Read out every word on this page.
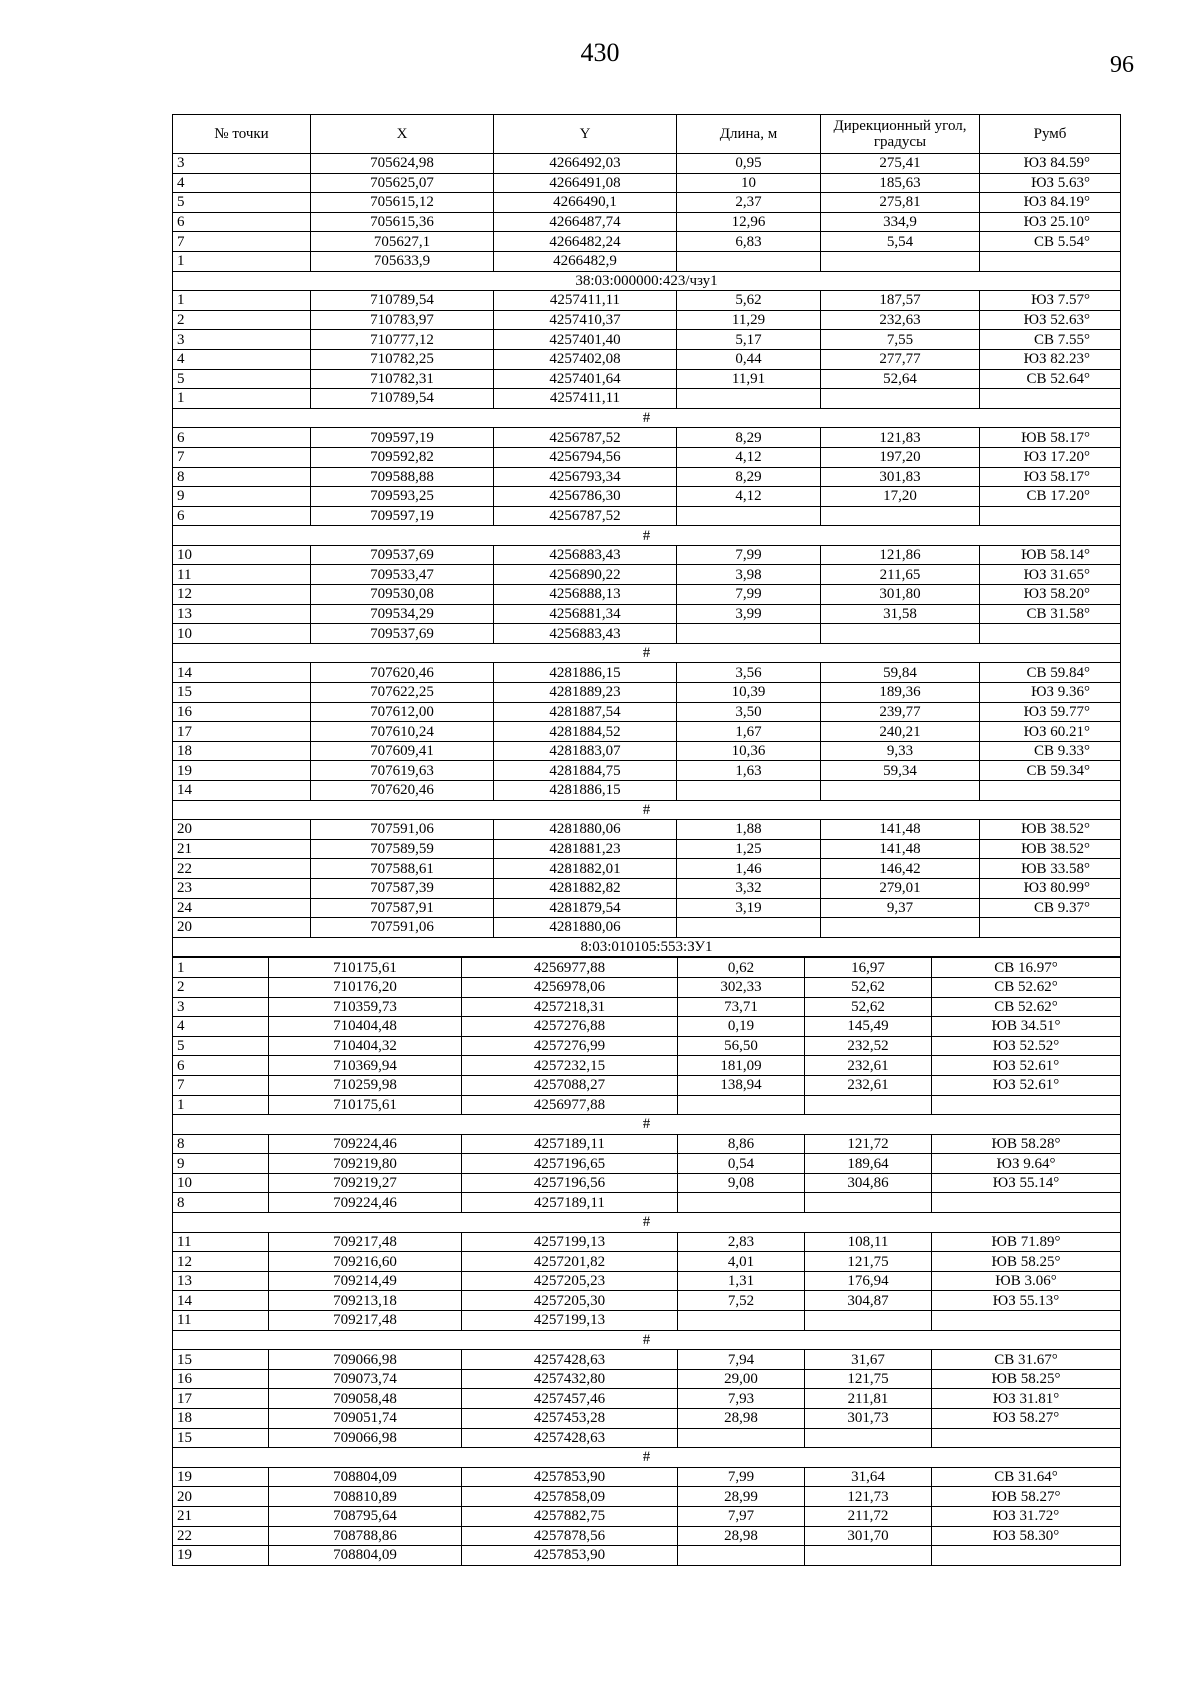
430	96
№ точки	X	Y	Длина, м	Дирекционный угол, градусы	Румб
3	705624,98	4266492,03	0,95	275,41	ЮЗ 84.59°
4	705625,07	4266491,08	10	185,63	ЮЗ 5.63°
5	705615,12	4266490,1	2,37	275,81	ЮЗ 84.19°
6	705615,36	4266487,74	12,96	334,9	ЮЗ 25.10°
7	705627,1	4266482,24	6,83	5,54	СВ 5.54°
1	705633,9	4266482,9			
38:03:000000:423/чзу1					
1	710789,54	4257411,11	5,62	187,57	ЮЗ 7.57°
2	710783,97	4257410,37	11,29	232,63	ЮЗ 52.63°
3	710777,12	4257401,40	5,17	7,55	СВ 7.55°
4	710782,25	4257402,08	0,44	277,77	ЮЗ 82.23°
5	710782,31	4257401,64	11,91	52,64	СВ 52.64°
1	710789,54	4257411,11			
#					
6	709597,19	4256787,52	8,29	121,83	ЮВ 58.17°
7	709592,82	4256794,56	4,12	197,20	ЮЗ 17.20°
8	709588,88	4256793,34	8,29	301,83	ЮЗ 58.17°
9	709593,25	4256786,30	4,12	17,20	СВ 17.20°
6	709597,19	4256787,52			
#					
10	709537,69	4256883,43	7,99	121,86	ЮВ 58.14°
11	709533,47	4256890,22	3,98	211,65	ЮЗ 31.65°
12	709530,08	4256888,13	7,99	301,80	ЮЗ 58.20°
13	709534,29	4256881,34	3,99	31,58	СВ 31.58°
10	709537,69	4256883,43			
#					
14	707620,46	4281886,15	3,56	59,84	СВ 59.84°
15	707622,25	4281889,23	10,39	189,36	ЮЗ 9.36°
16	707612,00	4281887,54	3,50	239,77	ЮЗ 59.77°
17	707610,24	4281884,52	1,67	240,21	ЮЗ 60.21°
18	707609,41	4281883,07	10,36	9,33	СВ 9.33°
19	707619,63	4281884,75	1,63	59,34	СВ 59.34°
14	707620,46	4281886,15			
#					
20	707591,06	4281880,06	1,88	141,48	ЮВ 38.52°
21	707589,59	4281881,23	1,25	141,48	ЮВ 38.52°
22	707588,61	4281882,01	1,46	146,42	ЮВ 33.58°
23	707587,39	4281882,82	3,32	279,01	ЮЗ 80.99°
24	707587,91	4281879,54	3,19	9,37	СВ 9.37°
20	707591,06	4281880,06			
8:03:010105:553:ЗУ1					
1	710175,61	4256977,88	0,62	16,97	СВ 16.97°
2	710176,20	4256978,06	302,33	52,62	СВ 52.62°
3	710359,73	4257218,31	73,71	52,62	СВ 52.62°
4	710404,48	4257276,88	0,19	145,49	ЮВ 34.51°
5	710404,32	4257276,99	56,50	232,52	ЮЗ 52.52°
6	710369,94	4257232,15	181,09	232,61	ЮЗ 52.61°
7	710259,98	4257088,27	138,94	232,61	ЮЗ 52.61°
1	710175,61	4256977,88			
#					
8	709224,46	4257189,11	8,86	121,72	ЮВ 58.28°
9	709219,80	4257196,65	0,54	189,64	ЮЗ 9.64°
10	709219,27	4257196,56	9,08	304,86	ЮЗ 55.14°
8	709224,46	4257189,11			
#					
11	709217,48	4257199,13	2,83	108,11	ЮВ 71.89°
12	709216,60	4257201,82	4,01	121,75	ЮВ 58.25°
13	709214,49	4257205,23	1,31	176,94	ЮВ 3.06°
14	709213,18	4257205,30	7,52	304,87	ЮЗ 55.13°
11	709217,48	4257199,13			
#					
15	709066,98	4257428,63	7,94	31,67	СВ 31.67°
16	709073,74	4257432,80	29,00	121,75	ЮВ 58.25°
17	709058,48	4257457,46	7,93	211,81	ЮЗ 31.81°
18	709051,74	4257453,28	28,98	301,73	ЮЗ 58.27°
15	709066,98	4257428,63			
#					
19	708804,09	4257853,90	7,99	31,64	СВ 31.64°
20	708810,89	4257858,09	28,99	121,73	ЮВ 58.27°
21	708795,64	4257882,75	7,97	211,72	ЮЗ 31.72°
22	708788,86	4257878,56	28,98	301,70	ЮЗ 58.30°
19	708804,09	4257853,90			
